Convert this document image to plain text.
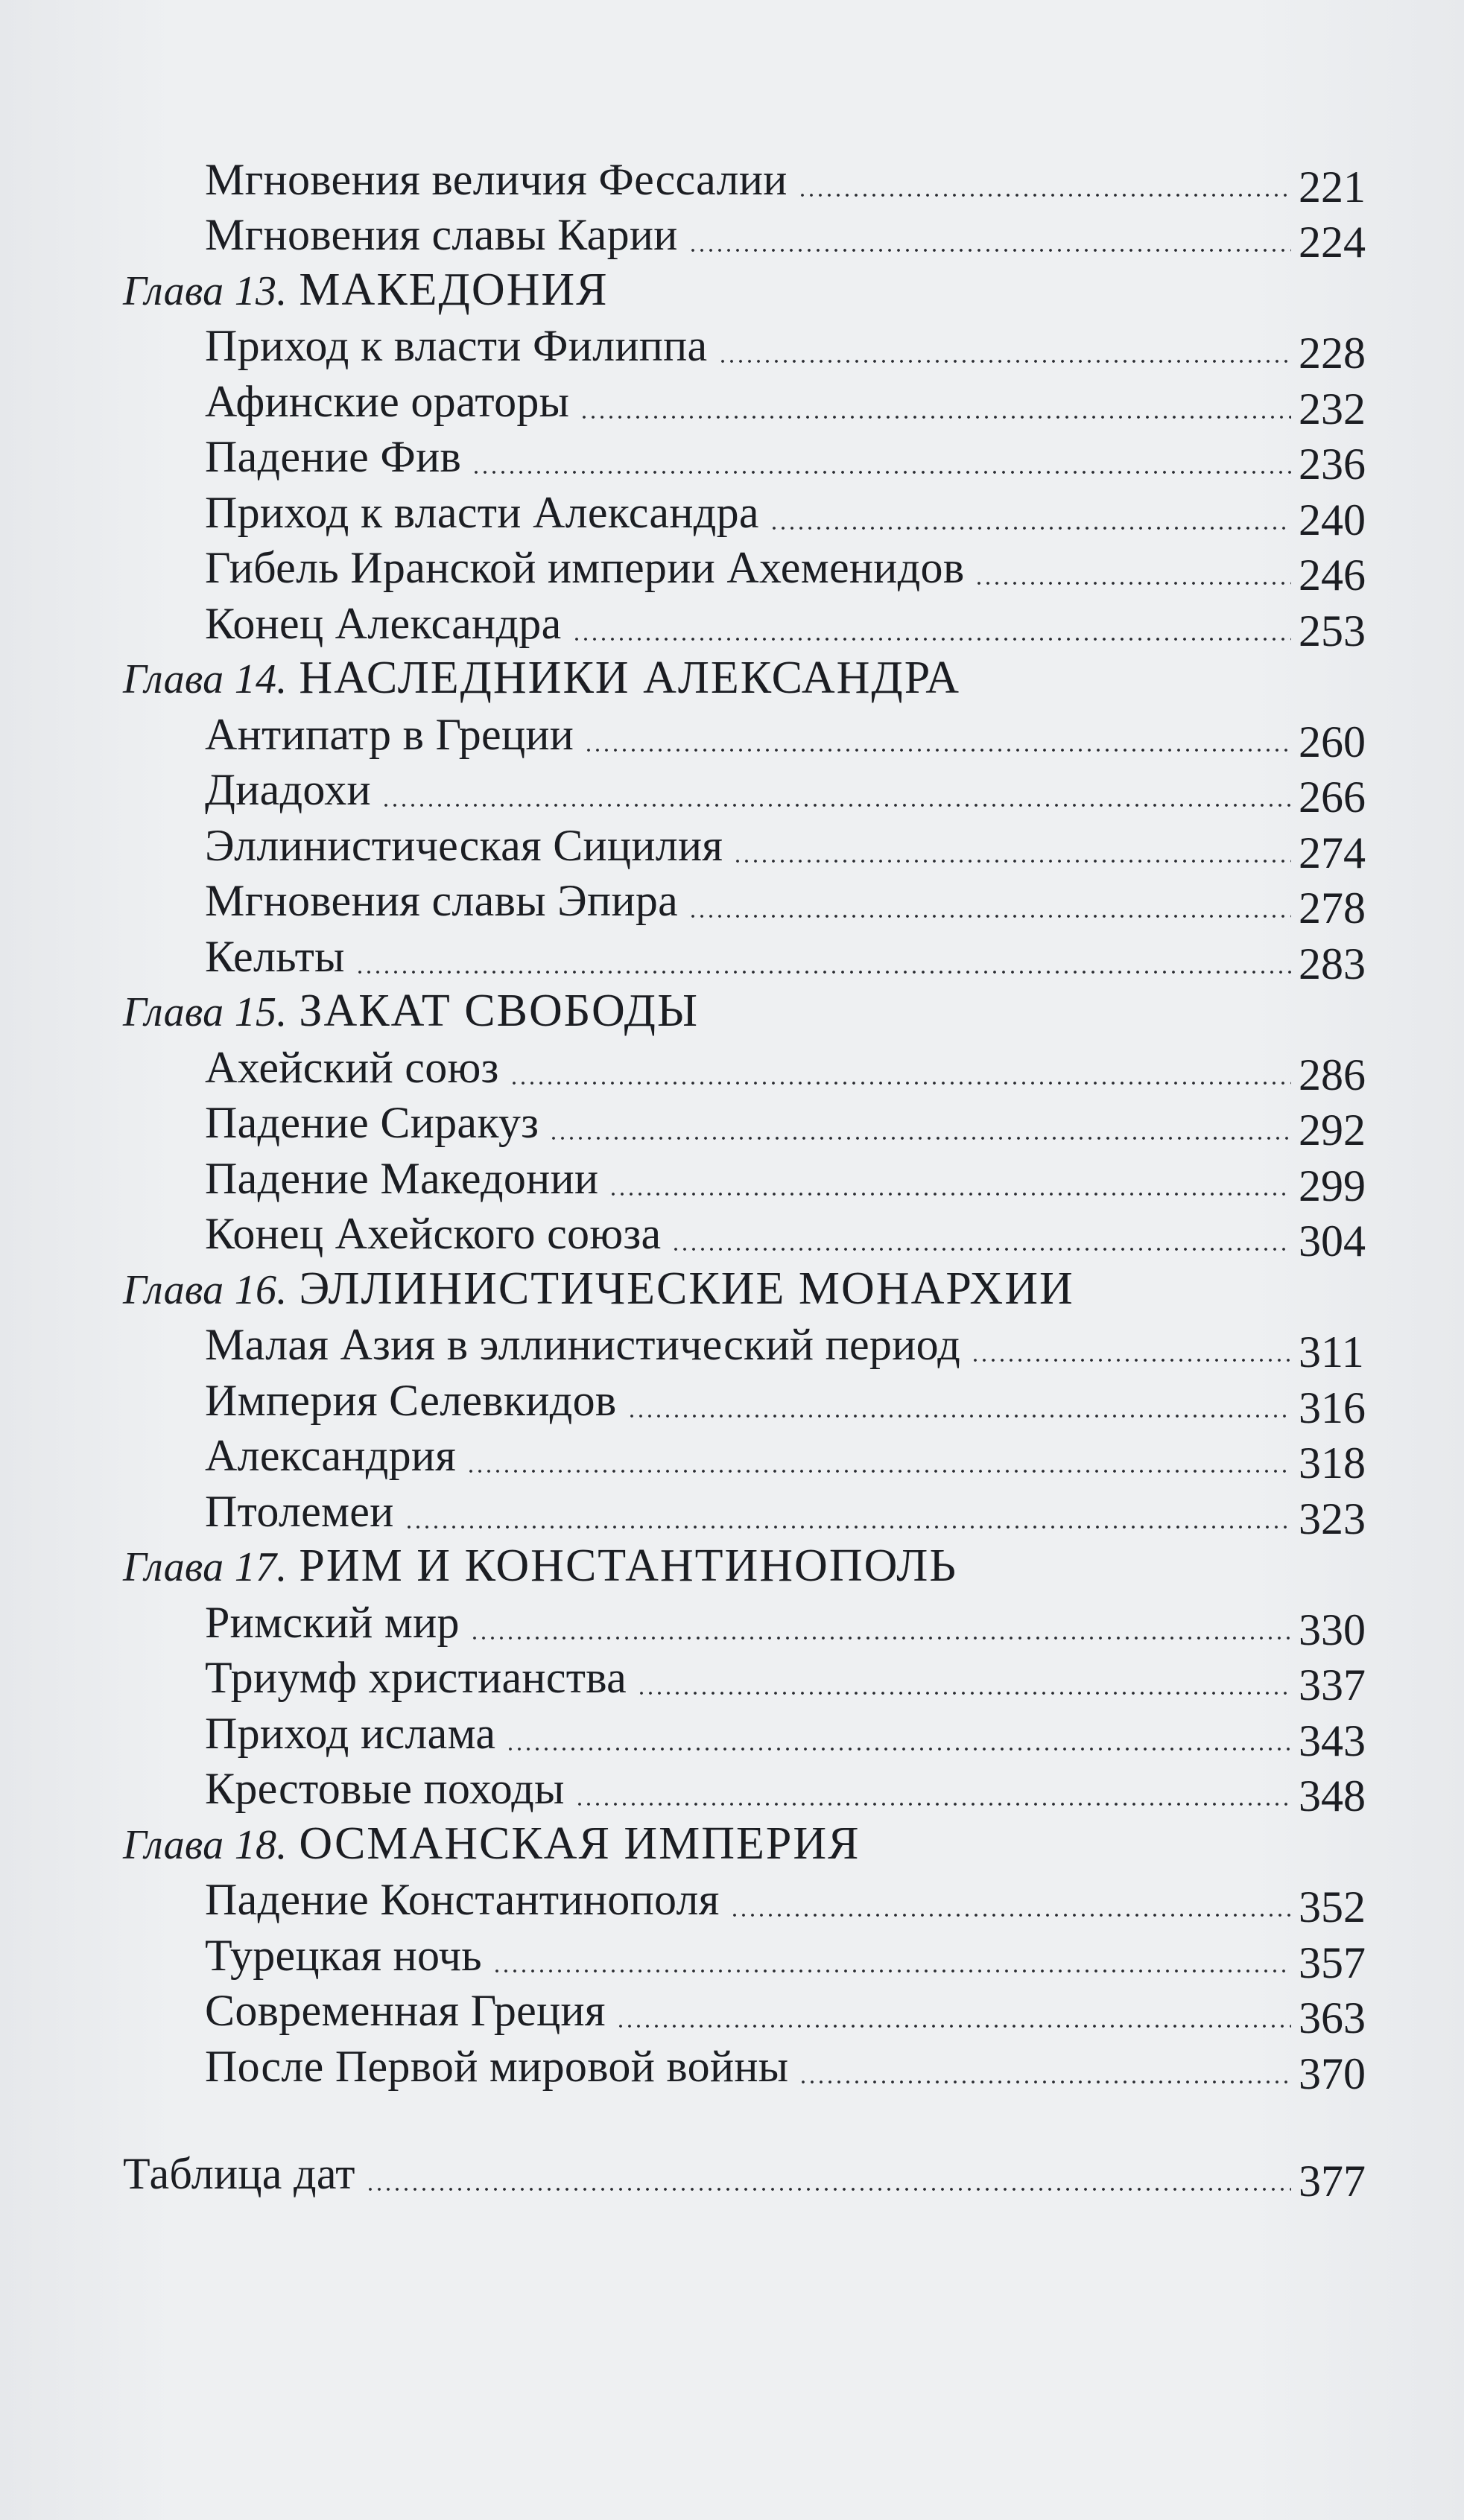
Мгновения величия Фессалии	221
Мгновения славы Карии	224
Глава 13. МАКЕДОНИЯ
Приход к власти Филиппа	228
Афинские ораторы	232
Падение Фив	236
Приход к власти Александра	240
Гибель Иранской империи Ахеменидов	246
Конец Александра	253
Глава 14. НАСЛЕДНИКИ АЛЕКСАНДРА
Антипатр в Греции	260
Диадохи	266
Эллинистическая Сицилия	274
Мгновения славы Эпира	278
Кельты	283
Глава 15. ЗАКАТ СВОБОДЫ
Ахейский союз	286
Падение Сиракуз	292
Падение Македонии	299
Конец Ахейского союза	304
Глава 16. ЭЛЛИНИСТИЧЕСКИЕ МОНАРХИИ
Малая Азия в эллинистический период	311
Империя Селевкидов	316
Александрия	318
Птолемеи	323
Глава 17. РИМ И КОНСТАНТИНОПОЛЬ
Римский мир	330
Триумф христианства	337
Приход ислама	343
Крестовые походы	348
Глава 18. ОСМАНСКАЯ ИМПЕРИЯ
Падение Константинополя	352
Турецкая ночь	357
Современная Греция	363
После Первой мировой войны	370
Таблица дат	377
